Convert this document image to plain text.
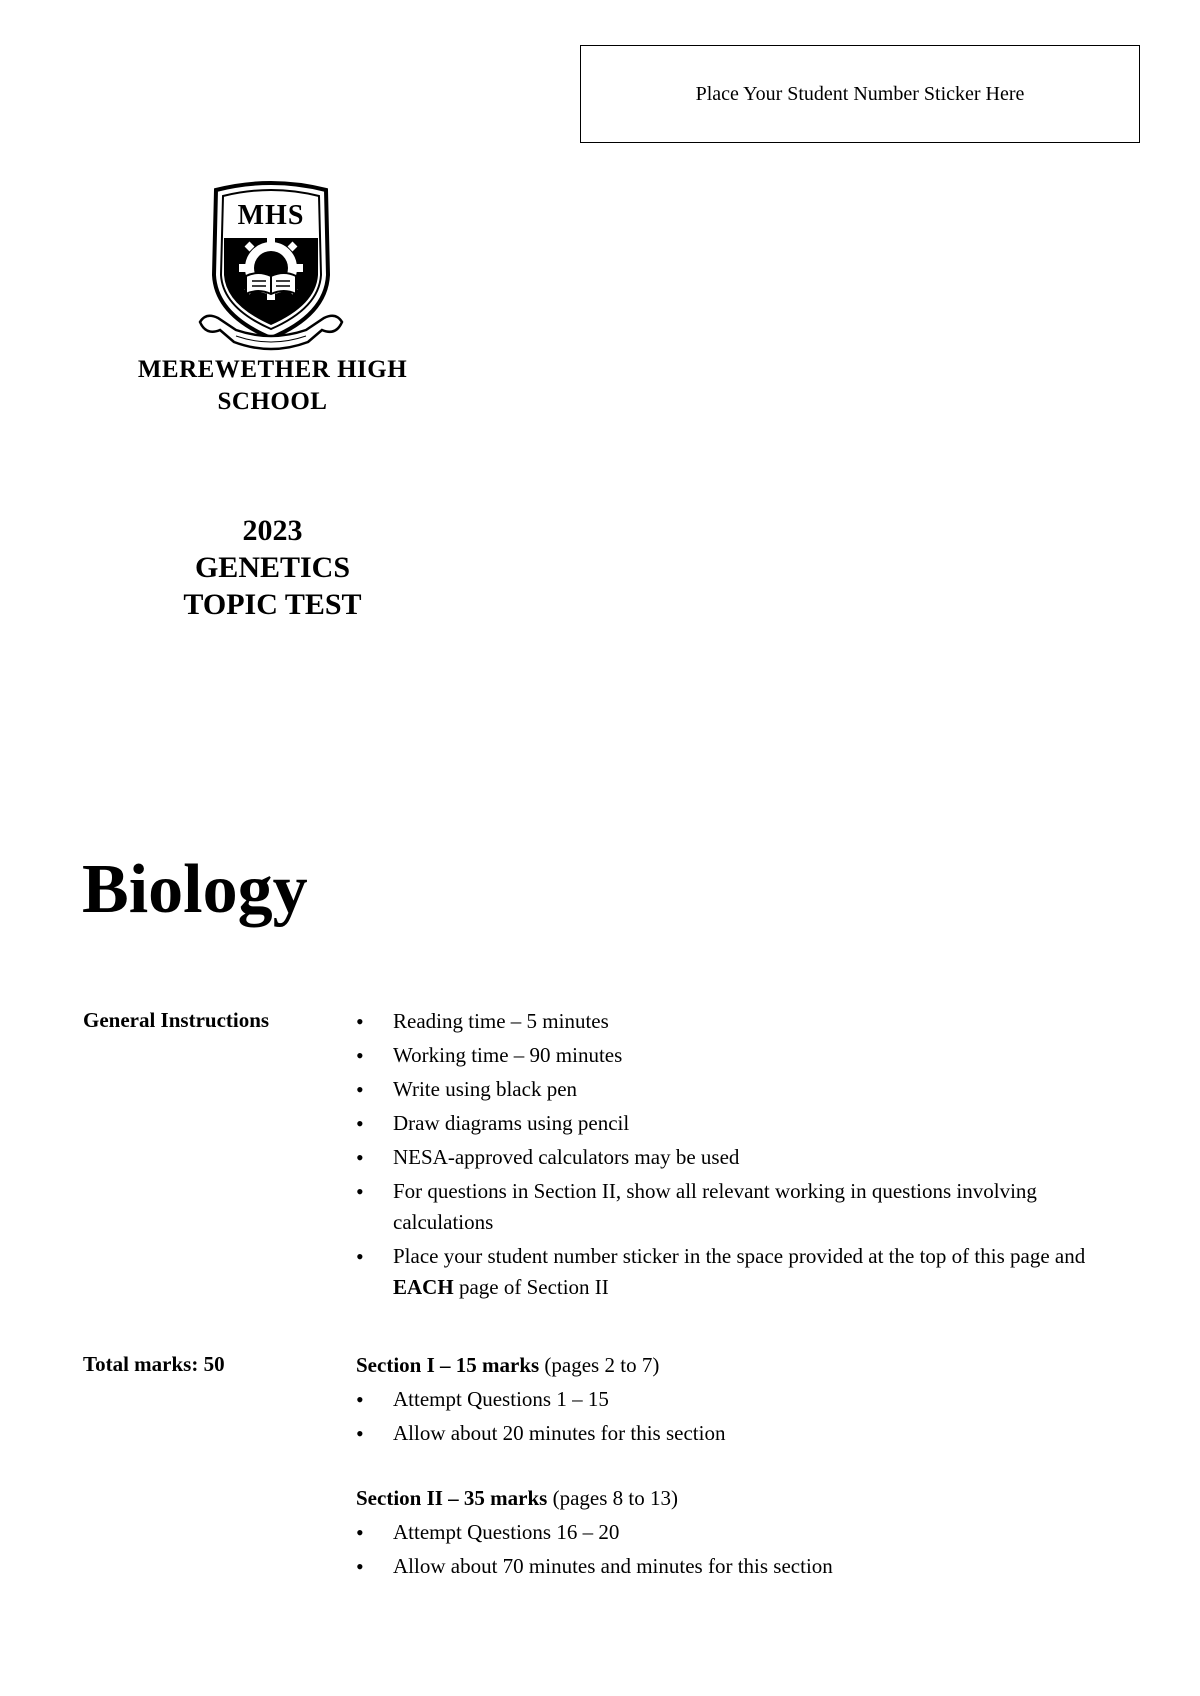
Place Your Student Number Sticker Here
MHS
MEREWETHER HIGH
SCHOOL
2023
GENETICS
TOPIC TEST
Biology
General Instructions
•	Reading time – 5 minutes
• Working time – 90 minutes
• Write using black pen
• Draw diagrams using pencil
• NESA-approved calculators may be used
• For questions in Section II, show all relevant working in questions involving calculations
• Place your student number sticker in the space provided at the top of this page and EACH page of Section II
Total marks: 50	Section I – 15 marks (pages 2 to 7)
• Attempt Questions 1 – 15
• Allow about 20 minutes for this section
Section II – 35 marks (pages 8 to 13)
• Attempt Questions 16 – 20
• Allow about 70 minutes and minutes for this section
